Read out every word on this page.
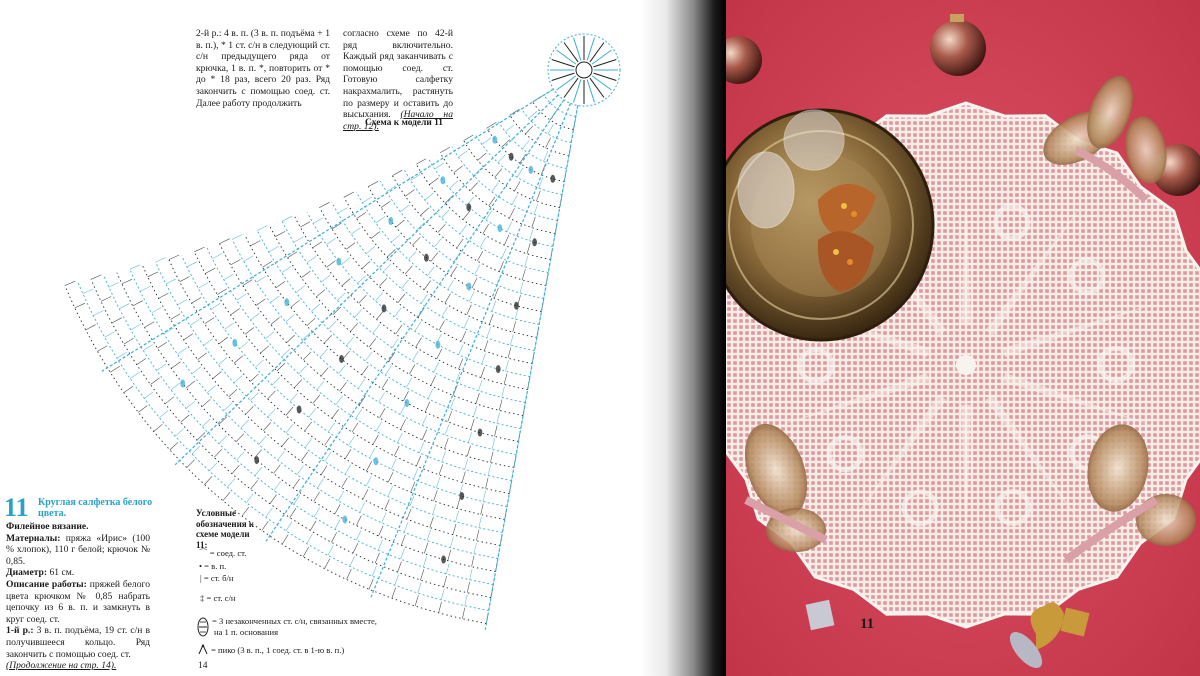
2-й р.: 4 в. п. (3 в. п. подъёма + 1 в. п.), * 1 ст. с/н в следующий ст. с/н предыдущего ряда от крючка, 1 в. п. *, повторить от * до * 18 раз, всего 20 раз. Ряд закончить с помощью соед. ст. Далее работу продолжить

согласно схеме по 42-й ряд включительно. Каждый ряд заканчивать с помощью соед. ст. Готовую салфетку накрахмалить, растянуть по размеру и оставить до высыхания. (Начало на стр. 12).
Схема к модели 11
11 Круглая салфетка белого цвета.
Филейное вязание.
Материалы: пряжа «Ирис» (100 % хлопок), 110 г белой; крючок № 0,85.
Диаметр: 61 см.
Описание работы: пряжей белого цвета крючком № 0,85 набрать цепочку из 6 в. п. и замкнуть в круг соед. ст.
1-й р.: 3 в. п. подъёма, 19 ст. с/н в получившееся кольцо. Ряд закончить с помощью соед. ст.
(Продолжение на стр. 14).
Условные обозначения к схеме модели 11:
⌒ = соед. ст.
• = в. п.
| = ст. б/н
‡ = ст. с/н
= 3 незаконченных ст. с/н, связанных вместе,
на 1 п. основания
= пико (3 в. п., 1 соед. ст. в 1-ю в. п.)
14
11
